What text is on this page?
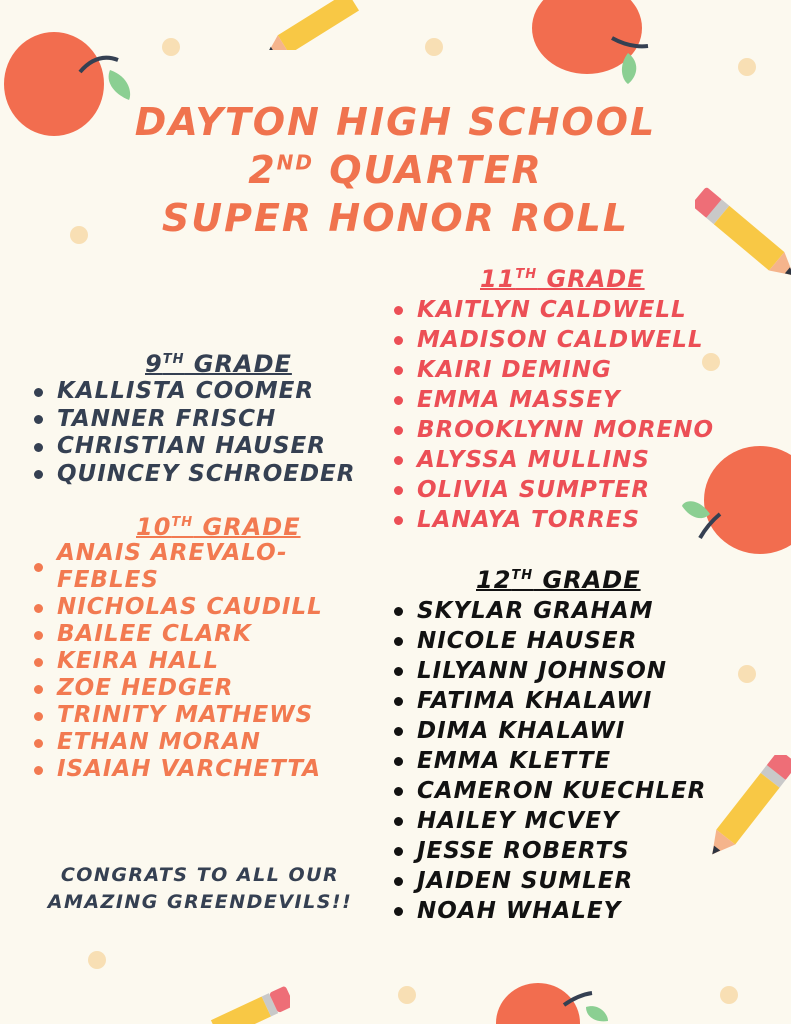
DAYTON HIGH SCHOOL
2ND QUARTER
SUPER HONOR ROLL
9TH GRADE
KALLISTA COOMER
TANNER FRISCH
CHRISTIAN HAUSER
QUINCEY SCHROEDER
10TH GRADE
ANAIS AREVALO-FEBLES
NICHOLAS CAUDILL
BAILEE CLARK
KEIRA HALL
ZOE HEDGER
TRINITY MATHEWS
ETHAN MORAN
ISAIAH VARCHETTA
11TH GRADE
KAITLYN CALDWELL
MADISON CALDWELL
KAIRI DEMING
EMMA MASSEY
BROOKLYNN MORENO
ALYSSA MULLINS
OLIVIA SUMPTER
LANAYA TORRES
12TH GRADE
SKYLAR GRAHAM
NICOLE HAUSER
LILYANN JOHNSON
FATIMA KHALAWI
DIMA KHALAWI
EMMA KLETTE
CAMERON KUECHLER
HAILEY MCVEY
JESSE ROBERTS
JAIDEN SUMLER
NOAH WHALEY
CONGRATS TO ALL OUR
AMAZING GREENDEVILS!!
